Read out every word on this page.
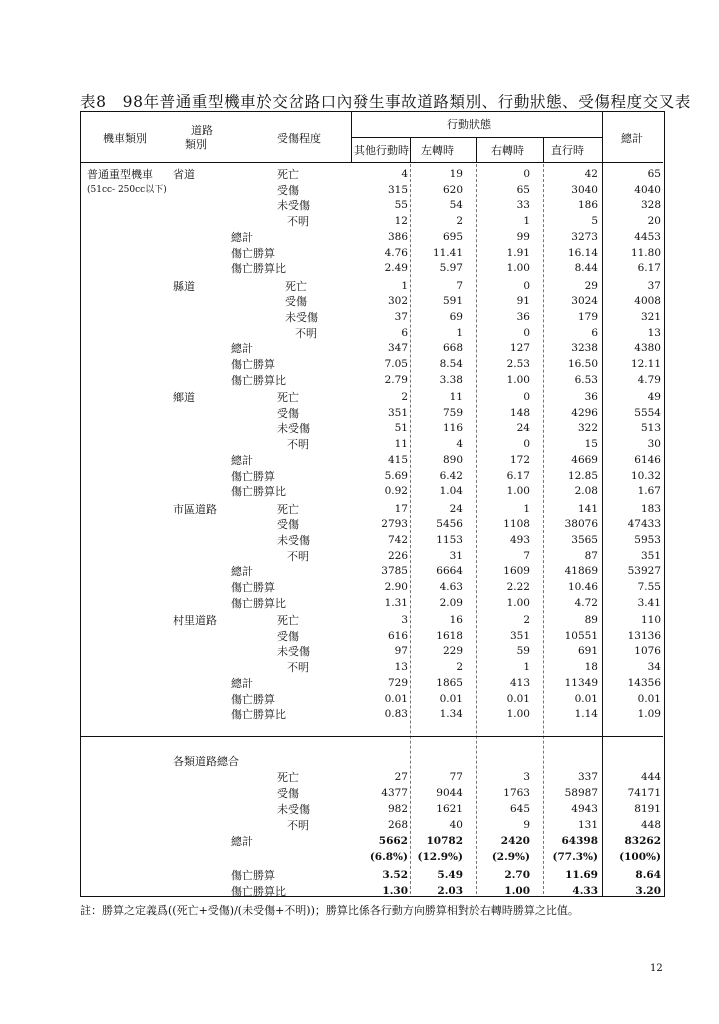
表8　98年普通重型機車於交岔路口內發生事故道路類別、行動狀態、受傷程度交叉表
機車類別
道路
類別	受傷程度
行動狀態
其他行動時 左轉時	右轉時 直行時
總計
普通重型機車
(51cc- 250cc以下)
省道	死亡	4	19	0	42	65
受傷	315	620	65	3040	4040
未受傷	55	54	33	186	328
不明	12	2	1	5	20
總計	386	695	99	3273	4453
傷亡勝算	4.76	11.41	1.91	16.14	11.80
傷亡勝算比	2.49	5.97	1.00	8.44	6.17
縣道	死亡	1	7	0	29	37
受傷	302	591	91	3024	4008
未受傷	37	69	36	179	321
不明	6	1	0	6	13
總計	347	668	127	3238	4380
傷亡勝算	7.05	8.54	2.53	16.50	12.11
傷亡勝算比	2.79	3.38	1.00	6.53	4.79
鄉道	死亡	2	11	0	36	49
受傷	351	759	148	4296	5554
未受傷	51	116	24	322	513
不明	11	4	0	15	30
總計	415	890	172	4669	6146
傷亡勝算	5.69	6.42	6.17	12.85	10.32
傷亡勝算比	0.92	1.04	1.00	2.08	1.67
市區道路	死亡	17	24	1	141	183
受傷	2793	5456	1108	38076	47433
未受傷	742	1153	493	3565	5953
不明	226	31	7	87	351
總計	3785	6664	1609	41869	53927
傷亡勝算	2.90	4.63	2.22	10.46	7.55
傷亡勝算比	1.31	2.09	1.00	4.72	3.41
村里道路	死亡	3	16	2	89	110
受傷	616	1618	351	10551	13136
未受傷	97	229	59	691	1076
不明	13	2	1	18	34
總計	729	1865	413	11349	14356
傷亡勝算	0.01	0.01	0.01	0.01	0.01
傷亡勝算比	0.83	1.34	1.00	1.14	1.09
各類道路總合
死亡	27	77	3	337	444
受傷	4377	9044	1763	58987	74171
未受傷	982	1621	645	4943	8191
不明	268	40	9	131	448
總計	5662	10782	2420	64398	83262
(6.8%) (12.9%)	(2.9%)	(77.3%)	(100%)
傷亡勝算	3.52	5.49	2.70	11.69	8.64
傷亡勝算比	1.30	2.03	1.00	4.33	3.20
註：勝算之定義爲((死亡+受傷)/(未受傷+不明))；勝算比係各行動方向勝算相對於右轉時勝算之比值。
12
